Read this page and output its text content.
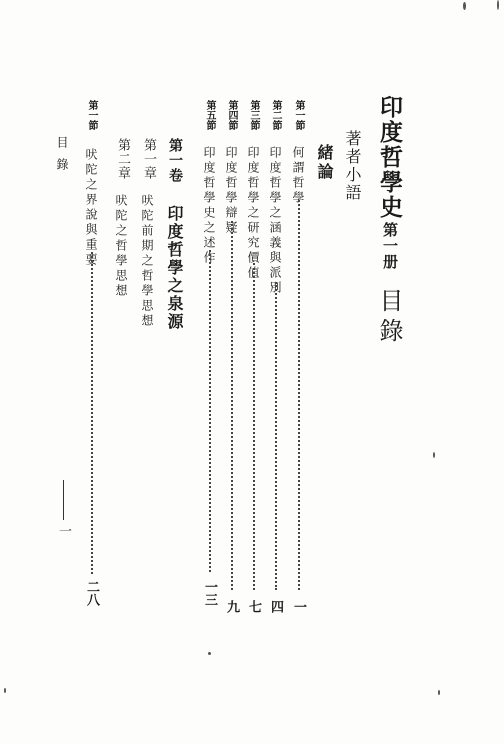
印度哲學史
第一册
目錄
著者小語
緒論
第一節
何謂哲學
一
第二節
印度哲學之涵義與派別
四
第三節
印度哲學之研究價值
七
第四節
印度哲學辯疑
九
第五節
印度哲學史之述作
一三
第一卷
印度哲學之泉源
第一章
吠陀前期之哲學思想
第二章
吠陀之哲學思想
第一節
吠陀之界說與重要
二八
目錄
一
